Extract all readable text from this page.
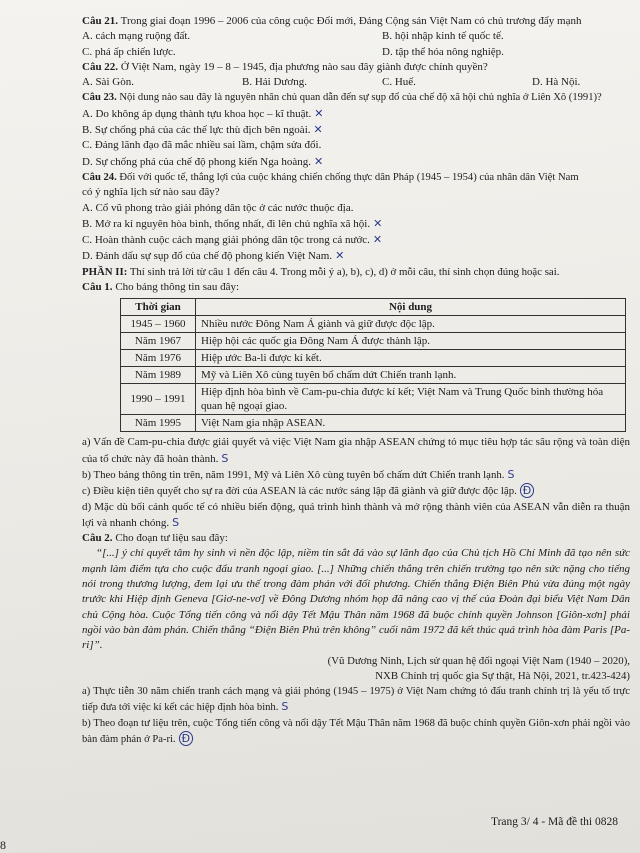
Câu 21. Trong giai đoạn 1996 – 2006 của công cuộc Đổi mới, Đảng Cộng sản Việt Nam có chủ trương đẩy mạnh
A. cách mạng ruộng đất.	B. hội nhập kinh tế quốc tế.
C. phá ấp chiến lược.	D. tập thể hóa nông nghiệp.
Câu 22. Ở Việt Nam, ngày 19 – 8 – 1945, địa phương nào sau đây giành được chính quyền?
A. Sài Gòn.	B. Hải Dương.	C. Huế.	D. Hà Nội.
Câu 23. Nội dung nào sau đây là nguyên nhân chủ quan dẫn đến sự sụp đổ của chế độ xã hội chủ nghĩa ở Liên Xô (1991)?
A. Do không áp dụng thành tựu khoa học – kĩ thuật. ✕
B. Sự chống phá của các thế lực thù địch bên ngoài. ✕
C. Đảng lãnh đạo đã mắc nhiều sai lầm, chậm sửa đổi.
D. Sự chống phá của chế độ phong kiến Nga hoàng. ✕
Câu 24. Đối với quốc tế, thắng lợi của cuộc kháng chiến chống thực dân Pháp (1945 – 1954) của nhân dân Việt Nam
có ý nghĩa lịch sử nào sau đây?
A. Cổ vũ phong trào giải phóng dân tộc ở các nước thuộc địa.
B. Mở ra kỉ nguyên hòa bình, thống nhất, đi lên chủ nghĩa xã hội. ✕
C. Hoàn thành cuộc cách mạng giải phóng dân tộc trong cả nước. ✕
D. Đánh dấu sự sụp đổ của chế độ phong kiến Việt Nam. ✕
PHẦN II: Thí sinh trả lời từ câu 1 đến câu 4. Trong mỗi ý a), b), c), d) ở mỗi câu, thí sinh chọn đúng hoặc sai.
Câu 1. Cho bảng thông tin sau đây:
Thời gian	Nội dung
1945 – 1960	Nhiều nước Đông Nam Á giành và giữ được độc lập.
Năm 1967	Hiệp hội các quốc gia Đông Nam Á được thành lập.
Năm 1976	Hiệp ước Ba-li được kí kết.
Năm 1989	Mỹ và Liên Xô cùng tuyên bố chấm dứt Chiến tranh lạnh.
1990 – 1991	Hiệp định hòa bình về Cam-pu-chia được kí kết; Việt Nam và Trung Quốc bình thường hóa quan hệ ngoại giao.
Năm 1995	Việt Nam gia nhập ASEAN.
a) Vấn đề Cam-pu-chia được giải quyết và việc Việt Nam gia nhập ASEAN chứng tỏ mục tiêu hợp tác sâu rộng và toàn diện của tổ chức này đã hoàn thành. S
b) Theo bảng thông tin trên, năm 1991, Mỹ và Liên Xô cùng tuyên bố chấm dứt Chiến tranh lạnh. S
c) Điều kiện tiên quyết cho sự ra đời của ASEAN là các nước sáng lập đã giành và giữ được độc lập. Đ
d) Mặc dù bối cảnh quốc tế có nhiều biến động, quá trình hình thành và mở rộng thành viên của ASEAN vẫn diễn ra thuận lợi và nhanh chóng. S
Câu 2. Cho đoạn tư liệu sau đây:
“[...] ý chí quyết tâm hy sinh vì nền độc lập, niềm tin sắt đá vào sự lãnh đạo của Chủ tịch Hồ Chí Minh đã tạo nên sức mạnh làm điểm tựa cho cuộc đấu tranh ngoại giao. [...] Những chiến thắng trên chiến trường tạo nên sức nặng cho tiếng nói trong thương lượng, đem lại ưu thế trong đàm phán với đối phương. Chiến thắng Điện Biên Phủ vừa đúng một ngày trước khi Hiệp định Geneva [Giơ-ne-vơ] về Đông Dương nhóm họp đã nâng cao vị thế của Đoàn đại biểu Việt Nam Dân chủ Cộng hòa. Cuộc Tổng tiến công và nổi dậy Tết Mậu Thân năm 1968 đã buộc chính quyền Johnson [Giôn-xơn] phải ngồi vào bàn đàm phán. Chiến thắng “Điện Biên Phủ trên không” cuối năm 1972 đã kết thúc quá trình hòa đàm Paris [Pa-ri]”.
(Vũ Dương Ninh, Lịch sử quan hệ đối ngoại Việt Nam (1940 – 2020),
NXB Chính trị quốc gia Sự thật, Hà Nội, 2021, tr.423-424)
a) Thực tiễn 30 năm chiến tranh cách mạng và giải phóng (1945 – 1975) ở Việt Nam chứng tỏ đấu tranh chính trị là yếu tố trực tiếp đưa tới việc kí kết các hiệp định hòa bình. S
b) Theo đoạn tư liệu trên, cuộc Tổng tiến công và nổi dậy Tết Mậu Thân năm 1968 đã buộc chính quyền Giôn-xơn phải ngồi vào bàn đàm phán ở Pa-ri. Đ
Trang 3/ 4 - Mã đề thi 0828
8
